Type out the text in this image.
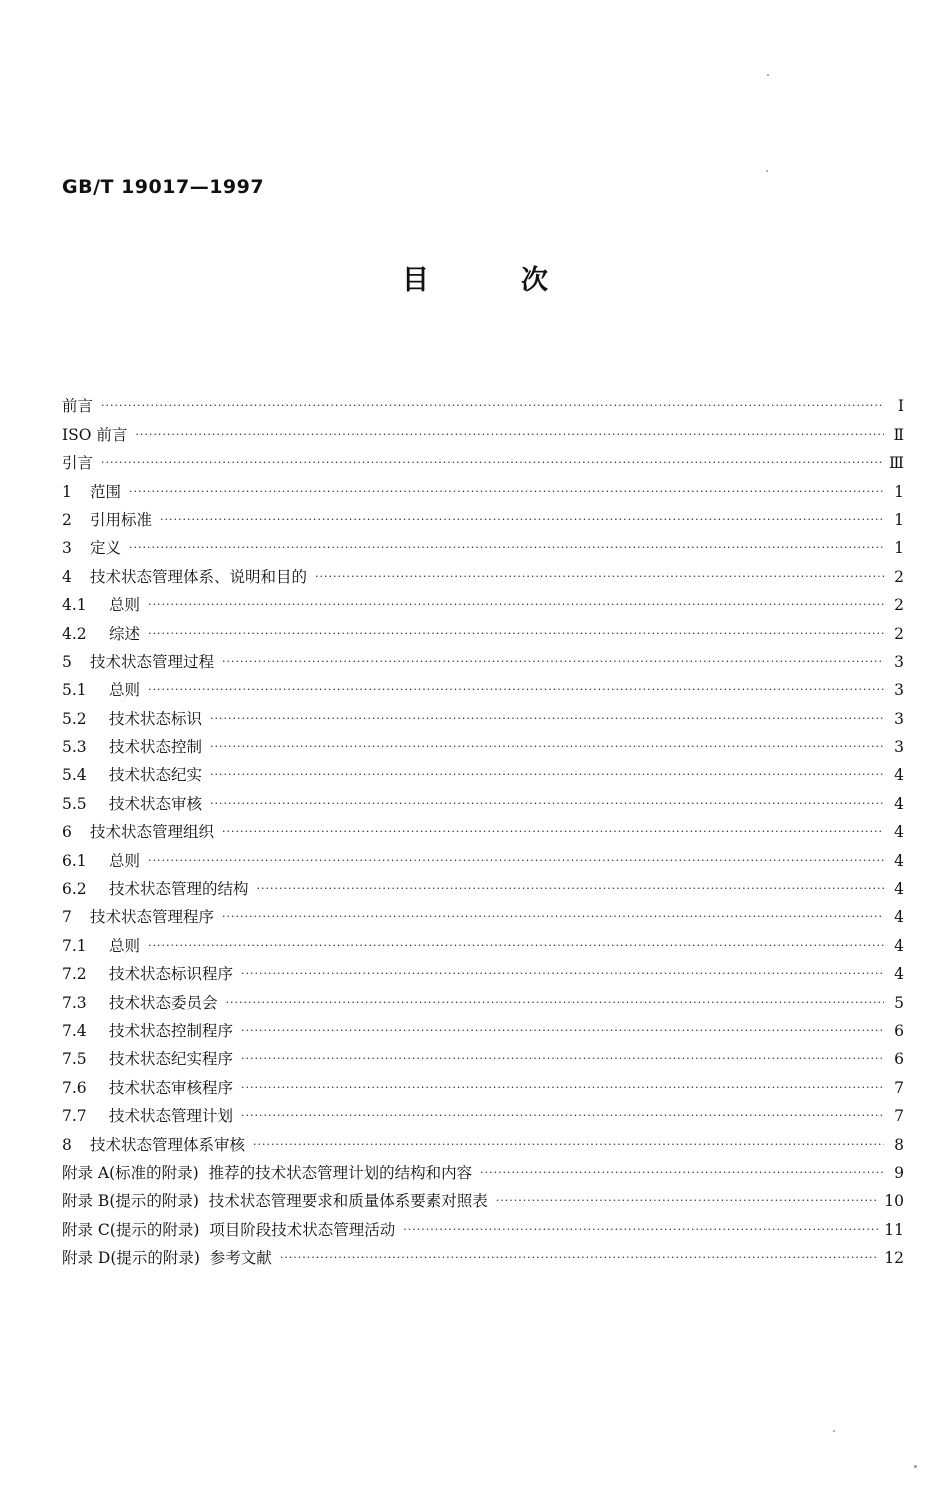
GB/T 19017—1997
目	次
前言 ·····	I
ISO 前言 ·····	Ⅱ
引言 ·····	Ⅲ
1	范围 ·····	1
2	引用标准 ·····	1
3	定义 ·····	1
4	技术状态管理体系、说明和目的 ·····	2
4.1	总则 ·····	2
4.2	综述 ·····	2
5	技术状态管理过程 ·····	3
5.1	总则 ·····	3
5.2	技术状态标识 ·····	3
5.3	技术状态控制 ·····	3
5.4	技术状态纪实 ·····	4
5.5	技术状态审核 ·····	4
6	技术状态管理组织 ·····	4
6.1	总则 ·····	4
6.2	技术状态管理的结构 ·····	4
7	技术状态管理程序 ·····	4
7.1	总则 ·····	4
7.2	技术状态标识程序 ·····	4
7.3	技术状态委员会 ·····	5
7.4	技术状态控制程序 ·····	6
7.5	技术状态纪实程序 ·····	6
7.6	技术状态审核程序 ·····	7
7.7	技术状态管理计划 ·····	7
8	技术状态管理体系审核 ·····	8
附录 A(标准的附录)  推荐的技术状态管理计划的结构和内容 ·····	9
附录 B(提示的附录)  技术状态管理要求和质量体系要素对照表 ·····	10
附录 C(提示的附录)  项目阶段技术状态管理活动 ·····	11
附录 D(提示的附录)  参考文献 ·····	12
